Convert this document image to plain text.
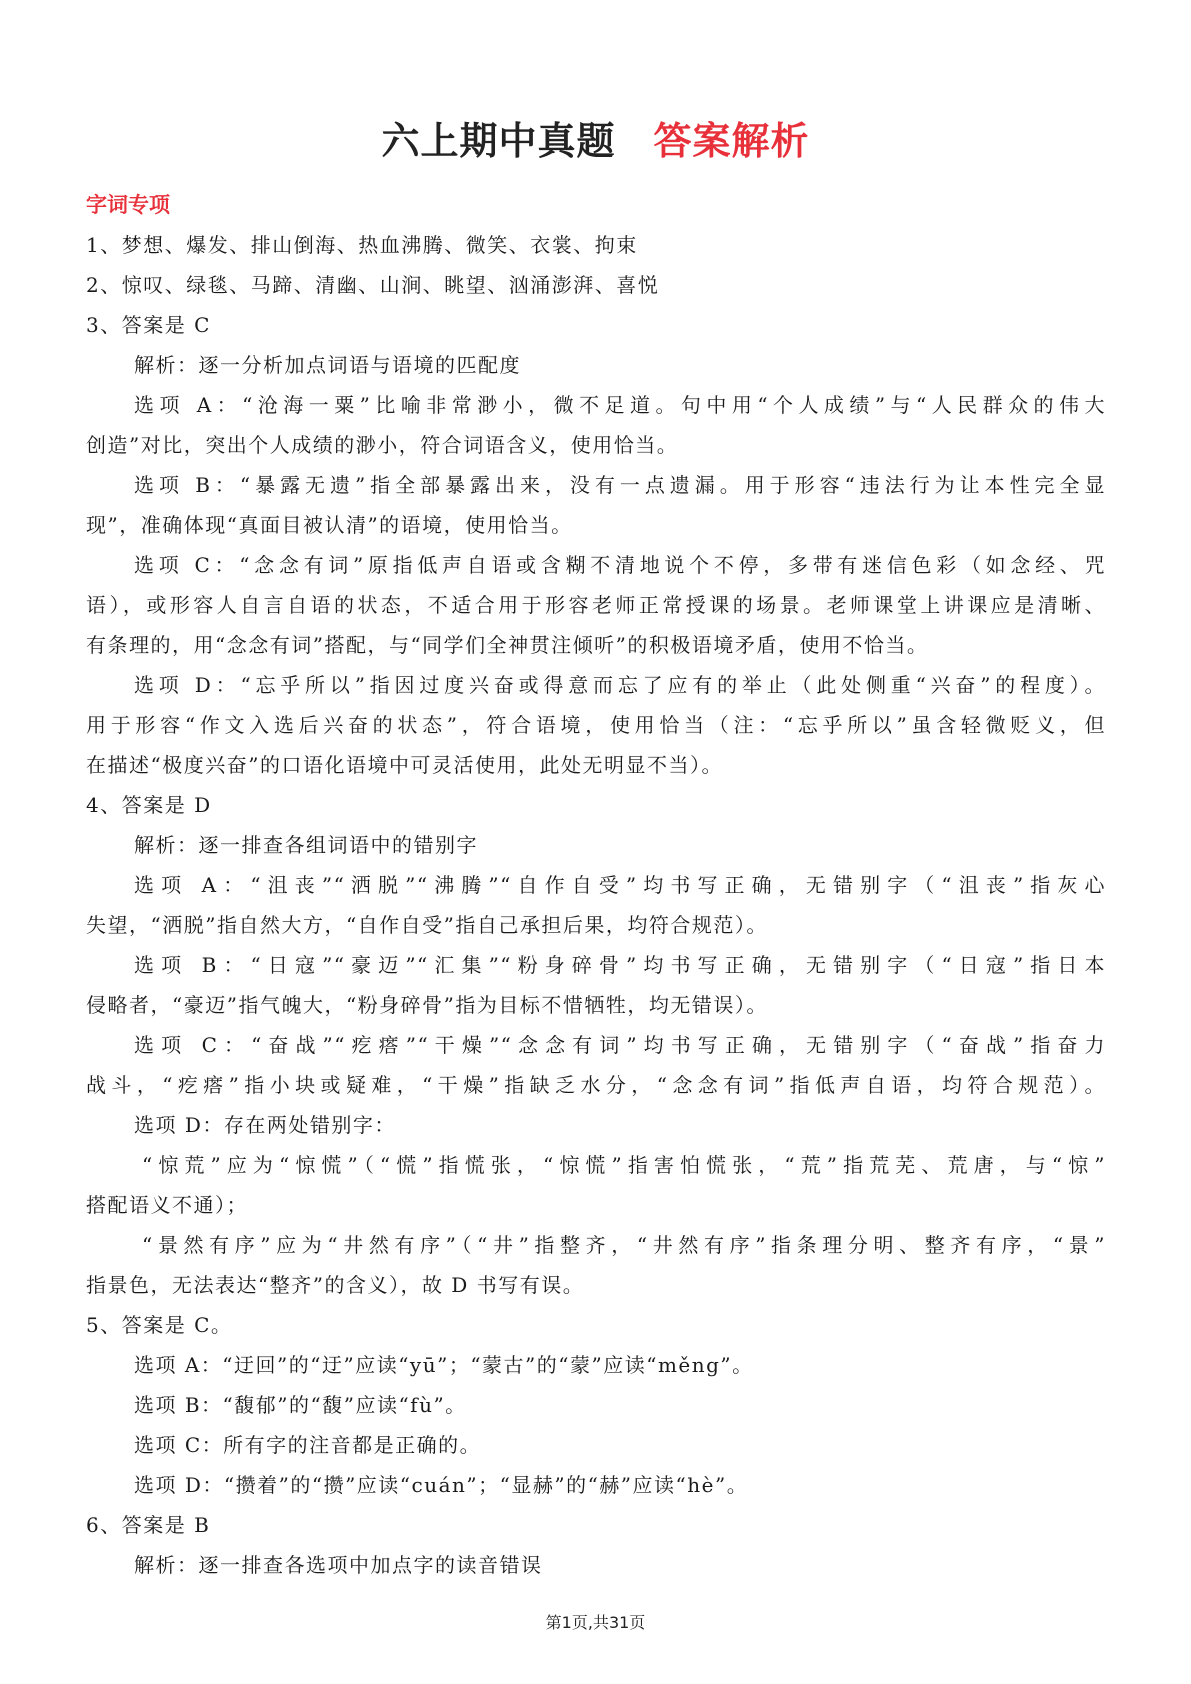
六上期中真题 答案解析
字词专项
1、梦想、爆发、排山倒海、热血沸腾、微笑、衣裳、拘束
2、惊叹、绿毯、马蹄、清幽、山涧、眺望、汹涌澎湃、喜悦
3、答案是 C
解析：逐一分析加点词语与语境的匹配度
选项 A：“沧海一粟”比喻非常渺小，微不足道。句中用“个人成绩”与“人民群众的伟大
创造”对比，突出个人成绩的渺小，符合词语含义，使用恰当。
选项 B：“暴露无遗”指全部暴露出来，没有一点遗漏。用于形容“违法行为让本性完全显
现”，准确体现“真面目被认清”的语境，使用恰当。
选项 C：“念念有词”原指低声自语或含糊不清地说个不停，多带有迷信色彩（如念经、咒
语），或形容人自言自语的状态，不适合用于形容老师正常授课的场景。老师课堂上讲课应是清晰、
有条理的，用“念念有词”搭配，与“同学们全神贯注倾听”的积极语境矛盾，使用不恰当。
选项 D：“忘乎所以”指因过度兴奋或得意而忘了应有的举止（此处侧重“兴奋”的程度）。
用于形容“作文入选后兴奋的状态”，符合语境，使用恰当（注：“忘乎所以”虽含轻微贬义，但
在描述“极度兴奋”的口语化语境中可灵活使用，此处无明显不当）。
4、答案是 D
解析：逐一排查各组词语中的错别字
选项 A：“沮丧”“洒脱”“沸腾”“自作自受”均书写正确，无错别字（“沮丧”指灰心
失望，“洒脱”指自然大方，“自作自受”指自己承担后果，均符合规范）。
选项 B：“日寇”“豪迈”“汇集”“粉身碎骨”均书写正确，无错别字（“日寇”指日本
侵略者，“豪迈”指气魄大，“粉身碎骨”指为目标不惜牺牲，均无错误）。
选项 C：“奋战”“疙瘩”“干燥”“念念有词”均书写正确，无错别字（“奋战”指奋力
战斗，“疙瘩”指小块或疑难，“干燥”指缺乏水分，“念念有词”指低声自语，均符合规范）。
选项 D：存在两处错别字：
“惊荒”应为“惊慌”（“慌”指慌张，“惊慌”指害怕慌张，“荒”指荒芜、荒唐，与“惊”
搭配语义不通）；
“景然有序”应为“井然有序”（“井”指整齐，“井然有序”指条理分明、整齐有序，“景”
指景色，无法表达“整齐”的含义），故 D 书写有误。
5、答案是 C。
选项 A：“迂回”的“迂”应读“yū”；“蒙古”的“蒙”应读“měng”。
选项 B：“馥郁”的“馥”应读“fù”。
选项 C：所有字的注音都是正确的。
选项 D：“攒着”的“攒”应读“cuán”；“显赫”的“赫”应读“hè”。
6、答案是 B
解析：逐一排查各选项中加点字的读音错误
第1页,共31页
